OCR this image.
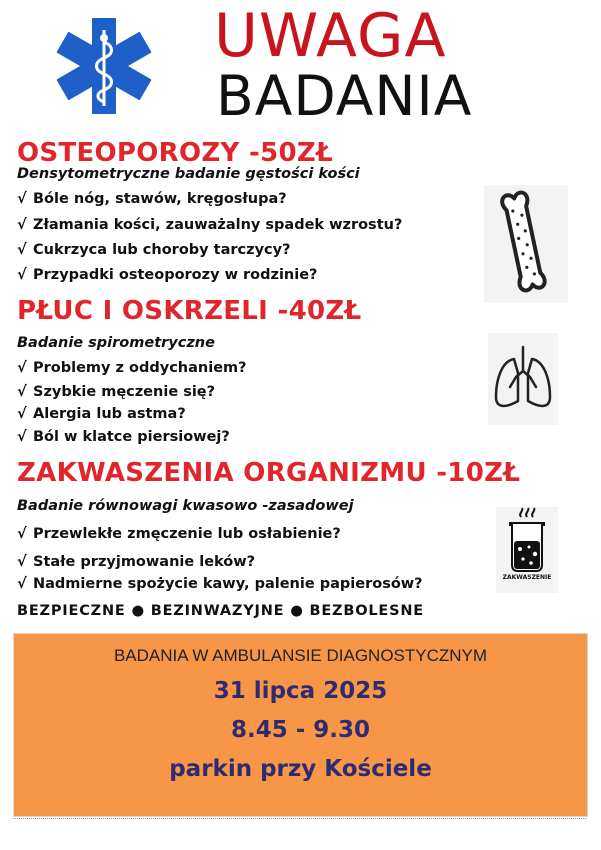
UWAGA
BADANIA
OSTEOPOROZY -50ZŁ
Densytometryczne badanie gęstości kości
√ Bóle nóg, stawów, kręgosłupa?
√ Złamania kości, zauważalny spadek wzrostu?
√ Cukrzyca lub choroby tarczycy?
√ Przypadki osteoporozy w rodzinie?
PŁUC I OSKRZELI -40ZŁ
Badanie spirometryczne
√ Problemy z oddychaniem?
√ Szybkie męczenie się?
√ Alergia lub astma?
√ Ból w klatce piersiowej?
ZAKWASZENIA ORGANIZMU -10ZŁ
Badanie równowagi kwasowo -zasadowej
√ Przewlekłe zmęczenie lub osłabienie?
√ Stałe przyjmowanie leków?
√ Nadmierne spożycie kawy, palenie papierosów?	ZAKWASZENIE
BEZPIECZNE ● BEZINWAZYJNE ● BEZBOLESNE
BADANIA W AMBULANSIE DIAGNOSTYCZNYM
31 lipca 2025
8.45 - 9.30
parkin przy Kościele
